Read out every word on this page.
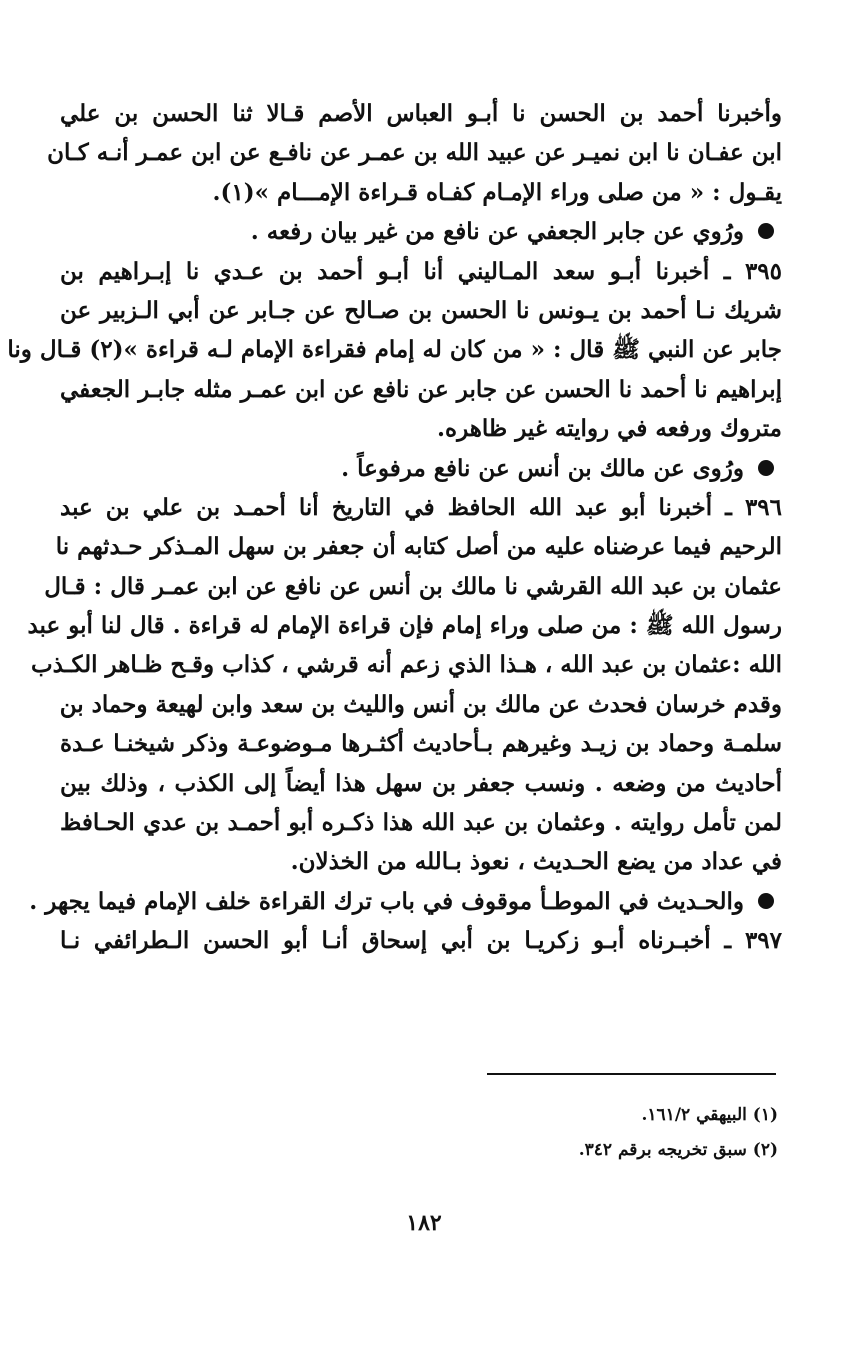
وأخبرنا أحمد بن الحسن نا أبـو العباس الأصم قـالا ثنا الحسن بن علي
ابن عفـان نا ابن نميـر عن عبيد الله بن عمـر عن نافـع عن ابن عمـر أنـه كـان
يقـول : « من صلى وراء الإمـام كفـاه قـراءة الإمـــام »(١).
ورُوي عن جابر الجعفي عن نافع من غير بيان رفعه .
٣٩٥ ـ أخبرنا أبـو سعد المـاليني أنا أبـو أحمد بن عـدي نا إبـراهيم بن
شريك نـا أحمد بن يـونس نا الحسن بن صـالح عن جـابر عن أبي الـزبير عن
جابر عن النبي ﷺ قال : « من كان له إمام فقراءة الإمام لـه قراءة »(٢) قـال ونا
إبراهيم نا أحمد نا الحسن عن جابر عن نافع عن ابن عمـر مثله جابـر الجعفي
متروك ورفعه في روايته غير ظاهره.
ورُوى عن مالك بن أنس عن نافع مرفوعاً .
٣٩٦ ـ أخبرنا أبو عبد الله الحافظ في التاريخ أنا أحمـد بن علي بن عبد
الرحيم فيما عرضناه عليه من أصل كتابه أن جعفر بن سهل المـذكر حـدثهم نا
عثمان بن عبد الله القرشي نا مالك بن أنس عن نافع عن ابن عمـر قال : قـال
رسول الله ﷺ : من صلى وراء إمام فإن قراءة الإمام له قراءة . قال لنا أبو عبد
الله :عثمان بن عبد الله ، هـذا الذي زعم أنه قرشي ، كذاب وقـح ظـاهر الكـذب
وقدم خرسان فحدث عن مالك بن أنس والليث بن سعد وابن لهيعة وحماد بن
سلمـة وحماد بن زيـد وغيرهم بـأحاديث أكثـرها مـوضوعـة وذكر شيخنـا عـدة
أحاديث من وضعه . ونسب جعفر بن سهل هذا أيضاً إلى الكذب ، وذلك بين
لمن تأمل روايته . وعثمان بن عبد الله هذا ذكـره أبو أحمـد بن عدي الحـافظ
في عداد من يضع الحـديث ، نعوذ بـالله من الخذلان.
والحـديث في الموطـأ موقوف في باب ترك القراءة خلف الإمام فيما يجهر .
٣٩٧ ـ أخبـرناه أبـو زكريـا بن أبي إسحاق أنـا أبو الحسن الـطرائفي نـا
(١) البيهقي ١٦١/٢.
(٢) سبق تخريجه برقم ٣٤٢.
١٨٢
